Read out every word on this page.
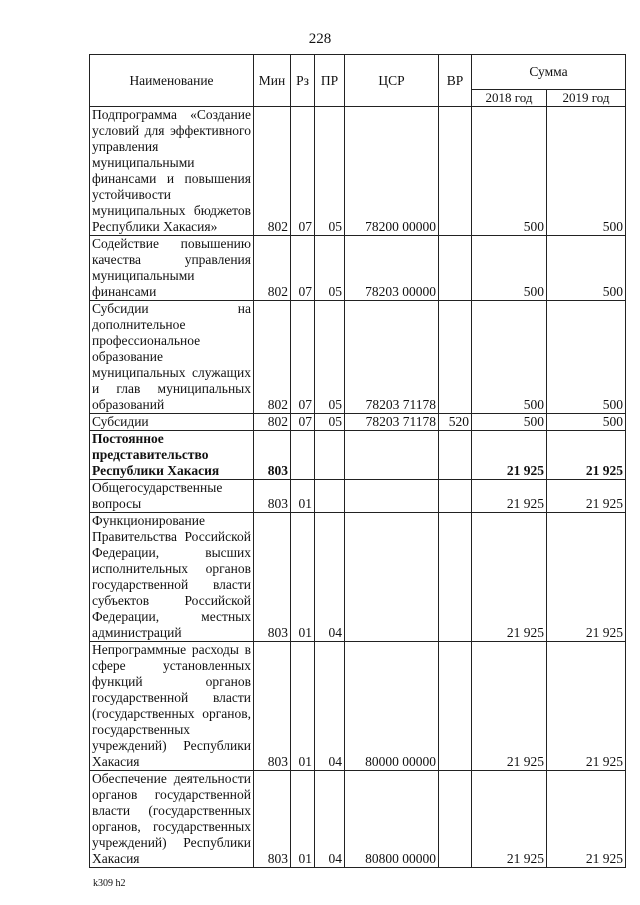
228
Наименование	Мин	Рз	ПР	ЦСР	ВР	Сумма	
						2018 год	2019 год
Подпрограмма «Создание условий для эффективного управления муниципальными финансами и повышения устойчивости муниципальных бюджетов Республики Хакасия»	802	07	05	78200 00000		500	500
Содействие повышению качества управления муниципальными финансами	802	07	05	78203 00000		500	500
Субсидии на дополнительное профессиональное образование муниципальных служащих и глав муниципальных образований	802	07	05	78203 71178		500	500
Субсидии	802	07	05	78203 71178	520	500	500
Постоянное представительство Республики Хакасия	803					21 925	21 925
Общегосударственные вопросы	803	01				21 925	21 925
Функционирование Правительства Российской Федерации, высших исполнительных органов государственной власти субъектов Российской Федерации, местных администраций	803	01	04			21 925	21 925
Непрограммные расходы в сфере установленных функций органов государственной власти (государственных органов, государственных учреждений) Республики Хакасия	803	01	04	80000 00000		21 925	21 925
Обеспечение деятельности органов государственной власти (государственных органов, государственных учреждений) Республики Хакасия	803	01	04	80800 00000		21 925	21 925
k309 h2
